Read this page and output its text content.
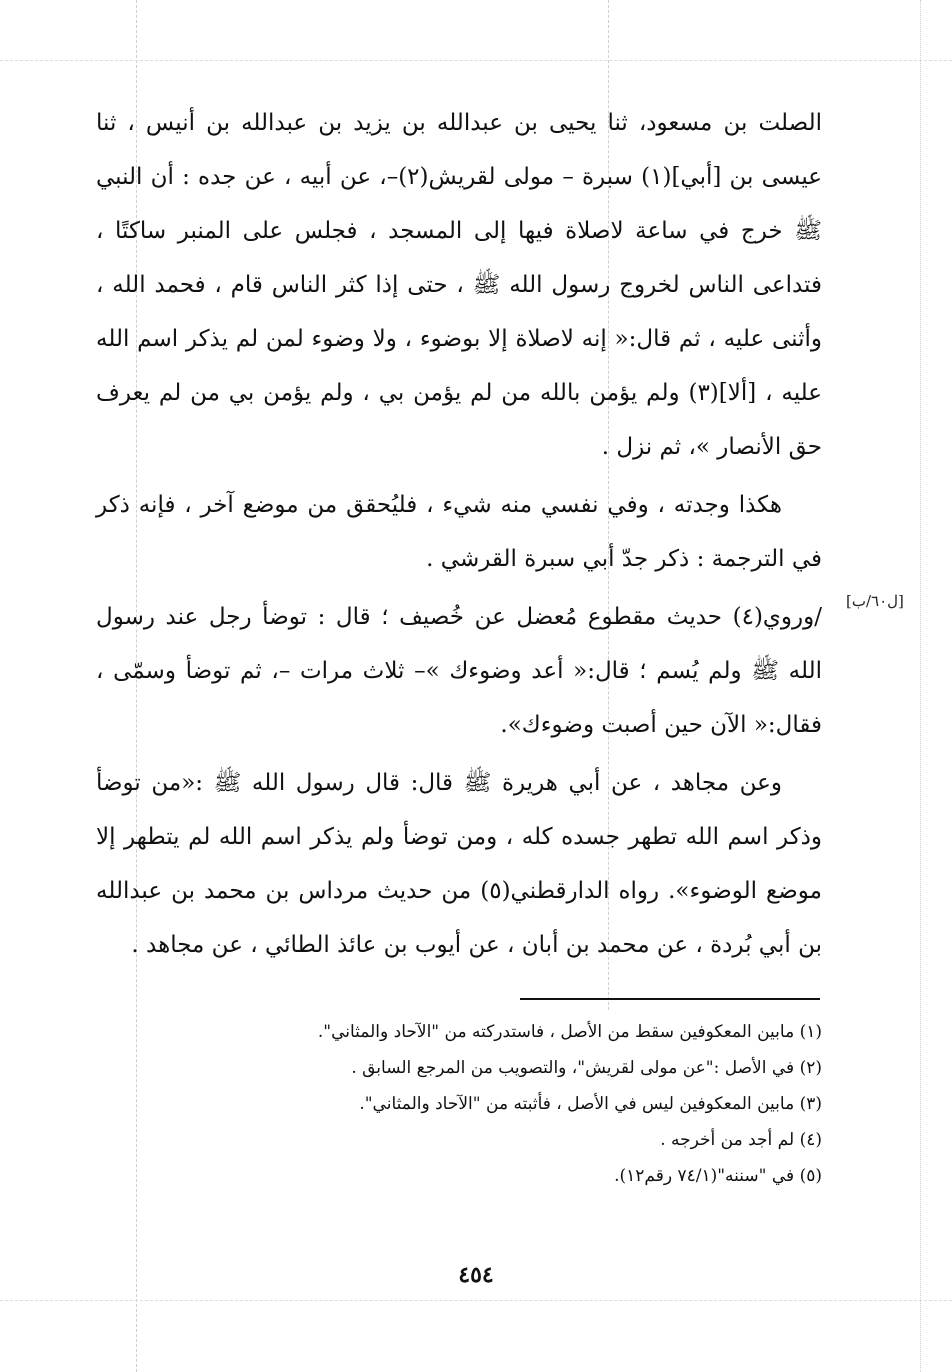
الصلت بن مسعود، ثنا يحيى بن عبدالله بن يزيد بن عبدالله بن أنيس ، ثنا عيسى بن [أبي](١) سبرة – مولى لقريش(٢)–، عن أبيه ، عن جده : أن النبي ﷺ خرج في ساعة لاصلاة فيها إلى المسجد ، فجلس على المنبر ساكتًا ، فتداعى الناس لخروج رسول الله ﷺ ، حتى إذا كثر الناس قام ، فحمد الله ، وأثنى عليه ، ثم قال:« إنه لاصلاة إلا بوضوء ، ولا وضوء لمن لم يذكر اسم الله عليه ، [ألا](٣) ولم يؤمن بالله من لم يؤمن بي ، ولم يؤمن بي من لم يعرف حق الأنصار »، ثم نزل .

هكذا وجدته ، وفي نفسي منه شيء ، فليُحقق من موضع آخر ، فإنه ذكر في الترجمة : ذكر جدّ أبي سبرة القرشي .

/وروي(٤) حديث مقطوع مُعضل عن خُصيف ؛ قال : توضأ رجل عند رسول الله ﷺ ولم يُسم ؛ قال:« أعد وضوءك »– ثلاث مرات –، ثم توضأ وسمّى ، فقال:« الآن حين أصبت وضوءك».

وعن مجاهد ، عن أبي هريرة ﷺ قال: قال رسول الله ﷺ :«من توضأ وذكر اسم الله تطهر جسده كله ، ومن توضأ ولم يذكر اسم الله لم يتطهر إلا موضع الوضوء». رواه الدارقطني(٥) من حديث مرداس بن محمد بن عبدالله بن أبي بُردة ، عن محمد بن أبان ، عن أيوب بن عائذ الطائي ، عن مجاهد .

[ل٦٠/ب]

(١) مابين المعكوفين سقط من الأصل ، فاستدركته من "الآحاد والمثاني".

(٢) في الأصل :"عن مولى لقريش"، والتصويب من المرجع السابق .

(٣) مابين المعكوفين ليس في الأصل ، فأثبته من "الآحاد والمثاني".

(٤) لم أجد من أخرجه .

(٥) في "سننه"(٧٤/١ رقم١٢).

٤٥٤
